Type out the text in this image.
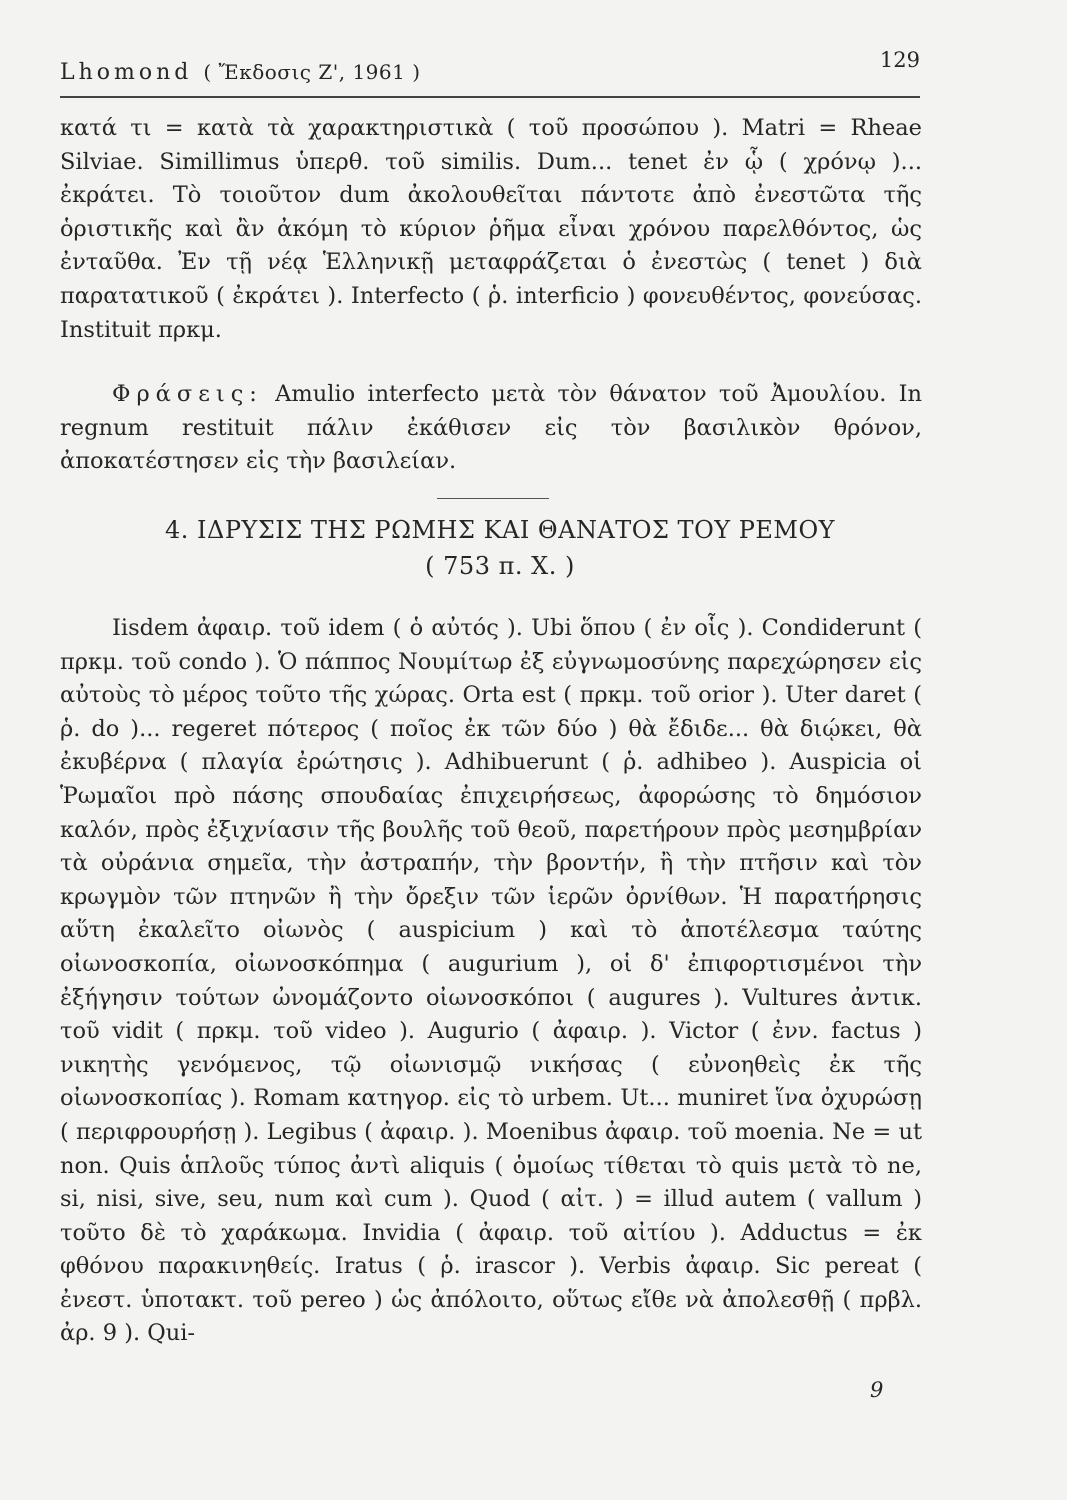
Lhomond ( Ἔκδοσις Ζ', 1961 )	129

κατά τι = κατὰ τὰ χαρακτηριστικὰ ( τοῦ προσώπου ). Matri = Rheae Silviae. Simillimus ὑπερθ. τοῦ similis. Dum... tenet ἐν ᾧ ( χρόνῳ )... ἐκράτει. Τὸ τοιοῦτον dum ἀκολουθεῖται πάντοτε ἀπὸ ἐνεστῶτα τῆς ὁριστικῆς καὶ ἂν ἀκόμη τὸ κύριον ῥῆμα εἶναι χρόνου παρελθόντος, ὡς ἐνταῦθα. Ἐν τῇ νέᾳ Ἑλληνικῇ μεταφράζεται ὁ ἐνεστὼς ( tenet ) διὰ παρατατικοῦ ( ἐκράτει ). Interfecto ( ῥ. interficio ) φονευθέντος, φονεύσας. Instituit πρκμ.

Φράσεις: Amulio interfecto μετὰ τὸν θάνατον τοῦ Ἀμουλίου. In regnum restituit πάλιν ἐκάθισεν εἰς τὸν βασιλικὸν θρόνον, ἀποκατέστησεν εἰς τὴν βασιλείαν.

4. ΙΔΡΥΣΙΣ ΤΗΣ ΡΩΜΗΣ ΚΑΙ ΘΑΝΑΤΟΣ ΤΟΥ ΡΕΜΟΥ
( 753 π. Χ. )

Iisdem ἀφαιρ. τοῦ idem ( ὁ αὐτός ). Ubi ὅπου ( ἐν οἷς ). Condiderunt ( πρκμ. τοῦ condo ). Ὁ πάππος Νουμίτωρ ἐξ εὐγνωμοσύνης παρεχώρησεν εἰς αὐτοὺς τὸ μέρος τοῦτο τῆς χώρας. Orta est ( πρκμ. τοῦ orior ). Uter daret ( ῥ. do )... regeret πότερος ( ποῖος ἐκ τῶν δύο ) θὰ ἔδιδε... θὰ διῴκει, θὰ ἐκυβέρνα ( πλαγία ἐρώτησις ). Adhibuerunt ( ῥ. adhibeo ). Auspicia οἱ Ῥωμαῖοι πρὸ πάσης σπουδαίας ἐπιχειρήσεως, ἀφορώσης τὸ δημόσιον καλόν, πρὸς ἐξιχνίασιν τῆς βουλῆς τοῦ θεοῦ, παρετήρουν πρὸς μεσημβρίαν τὰ οὐράνια σημεῖα, τὴν ἀστραπήν, τὴν βροντήν, ἢ τὴν πτῆσιν καὶ τὸν κρωγμὸν τῶν πτηνῶν ἢ τὴν ὄρεξιν τῶν ἱερῶν ὀρνίθων. Ἡ παρατήρησις αὕτη ἐκαλεῖτο οἰωνὸς ( auspicium ) καὶ τὸ ἀποτέλεσμα ταύτης οἰωνοσκοπία, οἰωνοσκόπημα ( augurium ), οἱ δ' ἐπιφορτισμένοι τὴν ἐξήγησιν τούτων ὠνομάζοντο οἰωνοσκόποι ( augures ). Vultures ἀντικ. τοῦ vidit ( πρκμ. τοῦ video ). Augurio ( ἀφαιρ. ). Victor ( ἐνν. factus ) νικητὴς γενόμενος, τῷ οἰωνισμῷ νικήσας ( εὐνοηθεὶς ἐκ τῆς οἰωνοσκοπίας ). Romam κατηγορ. εἰς τὸ urbem. Ut... muniret ἵνα ὀχυρώσῃ ( περιφρουρήσῃ ). Legibus ( ἀφαιρ. ). Moenibus ἀφαιρ. τοῦ moenia. Ne = ut non. Quis ἁπλοῦς τύπος ἀντὶ aliquis ( ὁμοίως τίθεται τὸ quis μετὰ τὸ ne, si, nisi, sive, seu, num καὶ cum ). Quod ( αἰτ. ) = illud autem ( vallum ) τοῦτο δὲ τὸ χαράκωμα. Invidia ( ἀφαιρ. τοῦ αἰτίου ). Adductus = ἐκ φθόνου παρακινηθείς. Iratus ( ῥ. irascor ). Verbis ἀφαιρ. Sic pereat ( ἐνεστ. ὑποτακτ. τοῦ pereo ) ὡς ἀπόλοιτο, οὕτως εἴθε νὰ ἀπολεσθῇ ( πρβλ. ἀρ. 9 ). Qui-

9
